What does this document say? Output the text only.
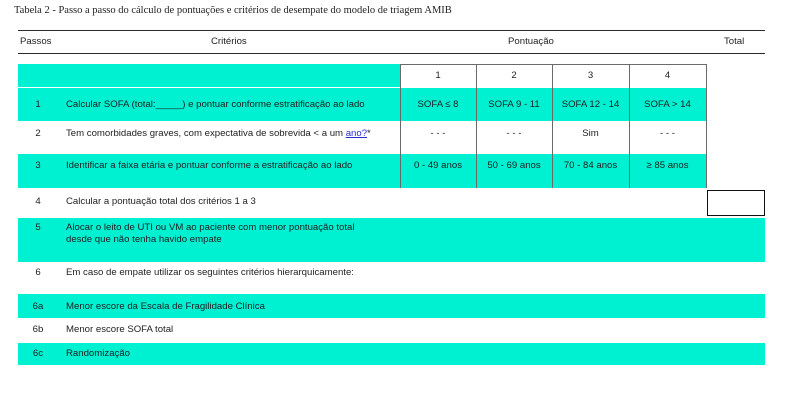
Tabela 2 - Passo a passo do cálculo de pontuações e critérios de desempate do modelo de triagem AMIB
Passos	Critérios	Pontuação	Total
1	2	3	4
1	Calcular SOFA (total:_____) e pontuar conforme estratificação ao lado	SOFA ≤ 8	SOFA 9 - 11	SOFA 12 - 14	SOFA > 14
2	Tem comorbidades graves, com expectativa de sobrevida < a um ano?*	- - -	- - -	Sim	- - -
3	Identificar a faixa etária e pontuar conforme a estratificação ao lado	0 - 49 anos	50 - 69 anos	70 - 84 anos	≥ 85 anos
4	Calcular a pontuação total dos critérios 1 a 3
5	Alocar o leito de UTI ou VM ao paciente com menor pontuação total
desde que não tenha havido empate
6	Em caso de empate utilizar os seguintes critérios hierarquicamente:
6a	Menor escore da Escala de Fragilidade Clínica
6b	Menor escore SOFA total
6c	Randomização
